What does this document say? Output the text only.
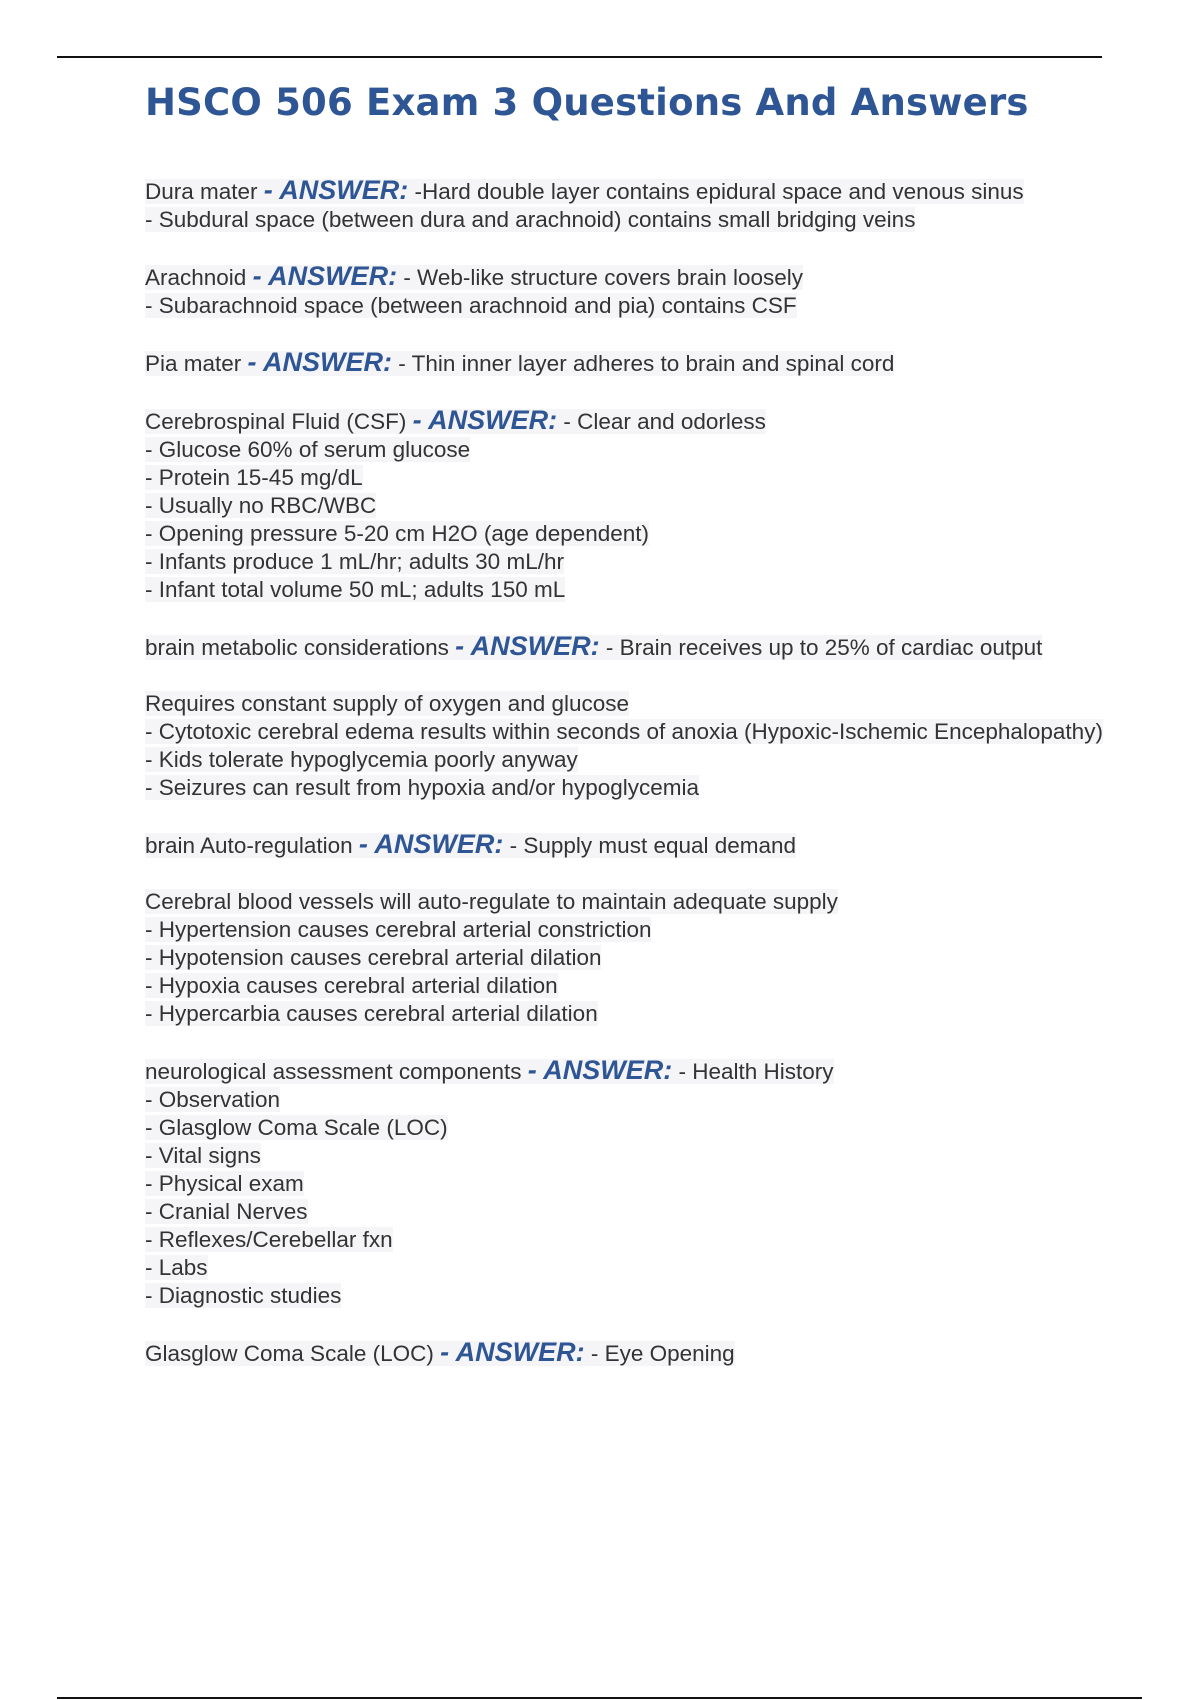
HSCO 506 Exam 3 Questions And Answers
Dura mater - ANSWER: -Hard double layer contains epidural space and venous sinus
- Subdural space (between dura and arachnoid) contains small bridging veins
Arachnoid - ANSWER: - Web-like structure covers brain loosely
- Subarachnoid space (between arachnoid and pia) contains CSF
Pia mater - ANSWER: - Thin inner layer adheres to brain and spinal cord
Cerebrospinal Fluid (CSF) - ANSWER: - Clear and odorless
- Glucose 60% of serum glucose
- Protein 15-45 mg/dL
- Usually no RBC/WBC
- Opening pressure 5-20 cm H2O (age dependent)
- Infants produce 1 mL/hr; adults 30 mL/hr
- Infant total volume 50 mL; adults 150 mL
brain metabolic considerations - ANSWER: - Brain receives up to 25% of cardiac output
Requires constant supply of oxygen and glucose
- Cytotoxic cerebral edema results within seconds of anoxia (Hypoxic-Ischemic Encephalopathy)
- Kids tolerate hypoglycemia poorly anyway
- Seizures can result from hypoxia and/or hypoglycemia
brain Auto-regulation - ANSWER: - Supply must equal demand
Cerebral blood vessels will auto-regulate to maintain adequate supply
- Hypertension causes cerebral arterial constriction
- Hypotension causes cerebral arterial dilation
- Hypoxia causes cerebral arterial dilation
- Hypercarbia causes cerebral arterial dilation
neurological assessment components - ANSWER: - Health History
- Observation
- Glasglow Coma Scale (LOC)
- Vital signs
- Physical exam
- Cranial Nerves
- Reflexes/Cerebellar fxn
- Labs
- Diagnostic studies
Glasglow Coma Scale (LOC) - ANSWER: - Eye Opening
